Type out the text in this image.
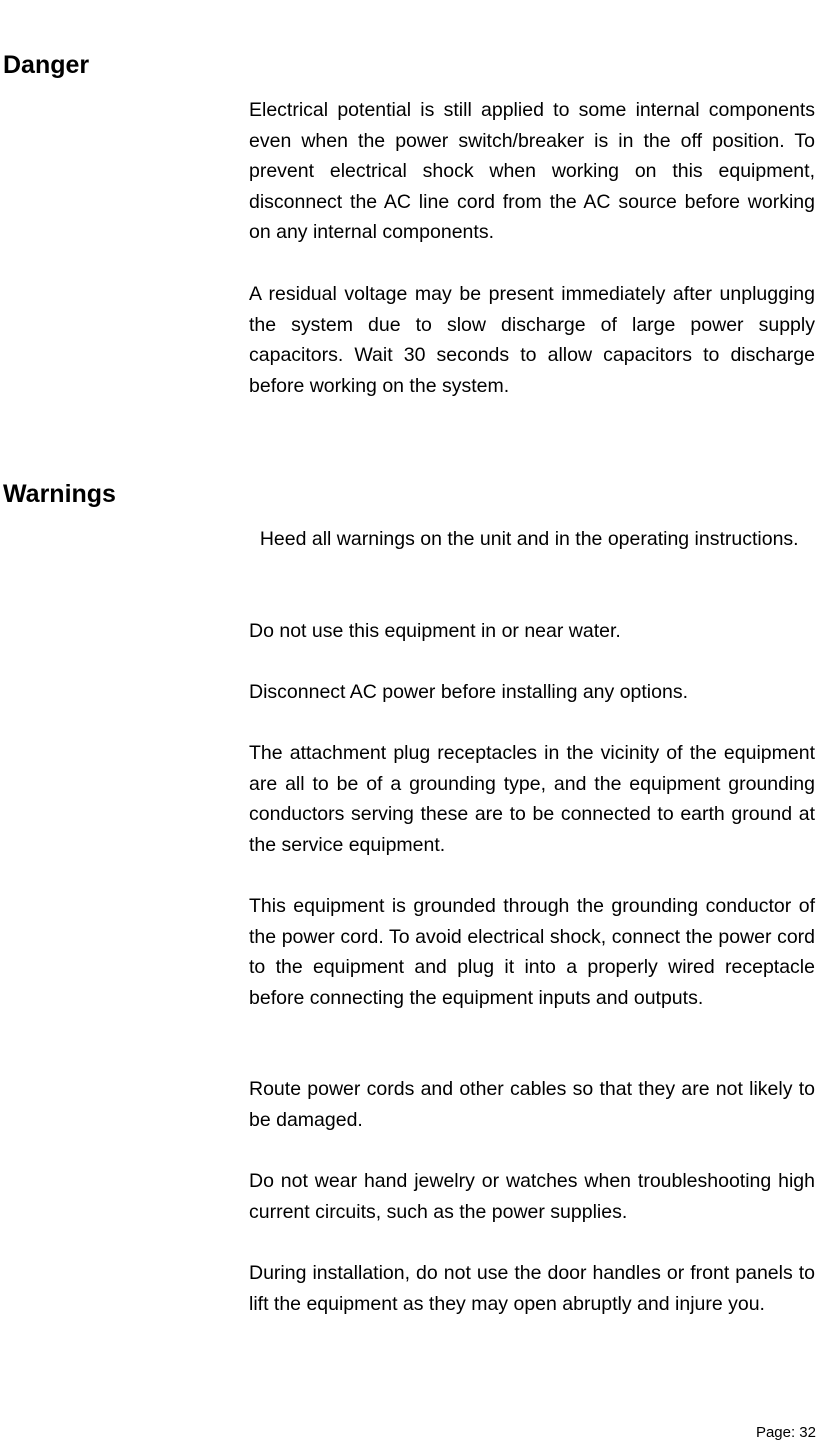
Danger

Electrical potential is still applied to some internal components even when the power switch/breaker is in the off position. To prevent electrical shock when working on this equipment, disconnect the AC line cord from the AC source before working on any internal components.

A residual voltage may be present immediately after unplugging the system due to slow discharge of large power supply capacitors. Wait 30 seconds to allow capacitors to discharge before working on the system.

Warnings

Heed all warnings on the unit and in the operating instructions.

Do not use this equipment in or near water.

Disconnect AC power before installing any options.

The attachment plug receptacles in the vicinity of the equipment are all to be of a grounding type, and the equipment grounding conductors serving these are to be connected to earth ground at the service equipment.

This equipment is grounded through the grounding conductor of the power cord. To avoid electrical shock, connect the power cord to the equipment and plug it into a properly wired receptacle before connecting the equipment inputs and outputs.

Route power cords and other cables so that they are not likely to be damaged.

Do not wear hand jewelry or watches when troubleshooting high current circuits, such as the power supplies.

During installation, do not use the door handles or front panels to lift the equipment as they may open abruptly and injure you.

Page: 32
